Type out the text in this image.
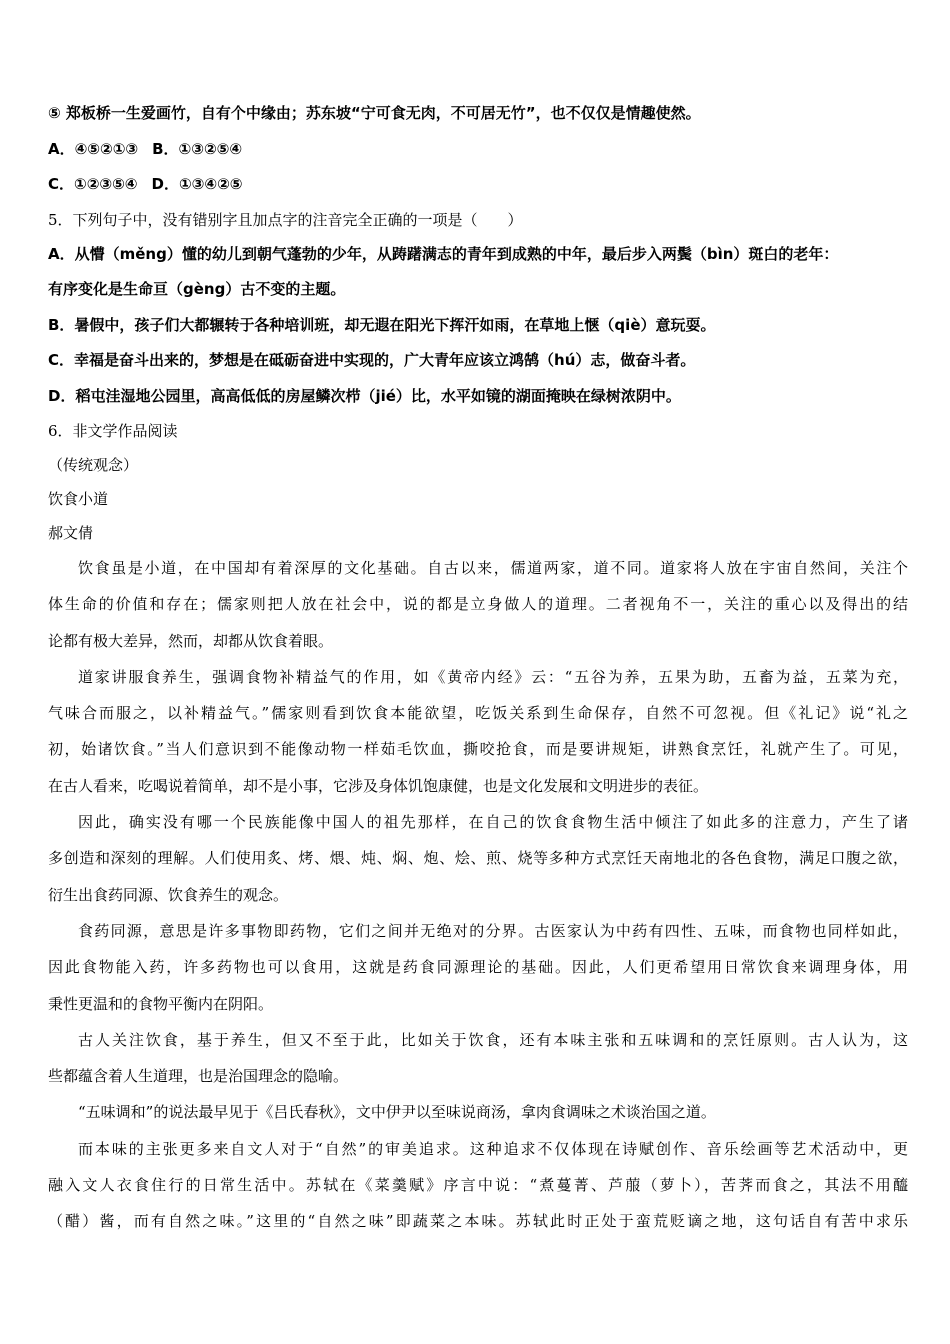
⑤ 郑板桥一生爱画竹，自有个中缘由；苏东坡“宁可食无肉，不可居无竹”，也不仅仅是情趣使然。
A．④⑤②①③ B．①③②⑤④
C．①②③⑤④ D．①③④②⑤
5．下列句子中，没有错别字且加点字的注音完全正确的一项是（　　）
A．从懵（měng）懂的幼儿到朝气蓬勃的少年，从踌躇满志的青年到成熟的中年，最后步入两鬓（bìn）斑白的老年：
有序变化是生命亘（gèng）古不变的主题。
B．暑假中，孩子们大都辗转于各种培训班，却无遐在阳光下挥汗如雨，在草地上惬（qiè）意玩耍。
C．幸福是奋斗出来的，梦想是在砥砺奋进中实现的，广大青年应该立鸿鹄（hú）志，做奋斗者。
D．稻屯洼湿地公园里，高高低低的房屋鳞次栉（jié）比，水平如镜的湖面掩映在绿树浓阴中。
6．非文学作品阅读
（传统观念）
饮食小道
郝文倩
饮食虽是小道，在中国却有着深厚的文化基础。自古以来，儒道两家，道不同。道家将人放在宇宙自然间，关注个
体生命的价值和存在；儒家则把人放在社会中，说的都是立身做人的道理。二者视角不一，关注的重心以及得出的结
论都有极大差异，然而，却都从饮食着眼。
道家讲服食养生，强调食物补精益气的作用，如《黄帝内经》云：“五谷为养，五果为助，五畜为益，五菜为充，
气味合而服之，以补精益气。”儒家则看到饮食本能欲望，吃饭关系到生命保存，自然不可忽视。但《礼记》说“礼之
初，始诸饮食。”当人们意识到不能像动物一样茹毛饮血，撕咬抢食，而是要讲规矩，讲熟食烹饪，礼就产生了。可见，
在古人看来，吃喝说着简单，却不是小事，它涉及身体饥饱康健，也是文化发展和文明进步的表征。
因此，确实没有哪一个民族能像中国人的祖先那样，在自己的饮食食物生活中倾注了如此多的注意力，产生了诸
多创造和深刻的理解。人们使用炙、烤、煨、炖、焖、炮、烩、煎、烧等多种方式烹饪天南地北的各色食物，满足口腹之欲，
衍生出食药同源、饮食养生的观念。
食药同源，意思是许多事物即药物，它们之间并无绝对的分界。古医家认为中药有四性、五味，而食物也同样如此，
因此食物能入药，许多药物也可以食用，这就是药食同源理论的基础。因此，人们更希望用日常饮食来调理身体，用
秉性更温和的食物平衡内在阴阳。
古人关注饮食，基于养生，但又不至于此，比如关于饮食，还有本味主张和五味调和的烹饪原则。古人认为，这
些都蕴含着人生道理，也是治国理念的隐喻。
“五味调和”的说法最早见于《吕氏春秋》，文中伊尹以至味说商汤，拿肉食调味之术谈治国之道。
而本味的主张更多来自文人对于“自然”的审美追求。这种追求不仅体现在诗赋创作、音乐绘画等艺术活动中，更
融入文人衣食住行的日常生活中。苏轼在《菜羹赋》序言中说：“煮蔓菁、芦菔（萝卜），苦荠而食之，其法不用醯
（醋）酱，而有自然之味。”这里的“自然之味”即蔬菜之本味。苏轼此时正处于蛮荒贬谪之地，这句话自有苦中求乐
